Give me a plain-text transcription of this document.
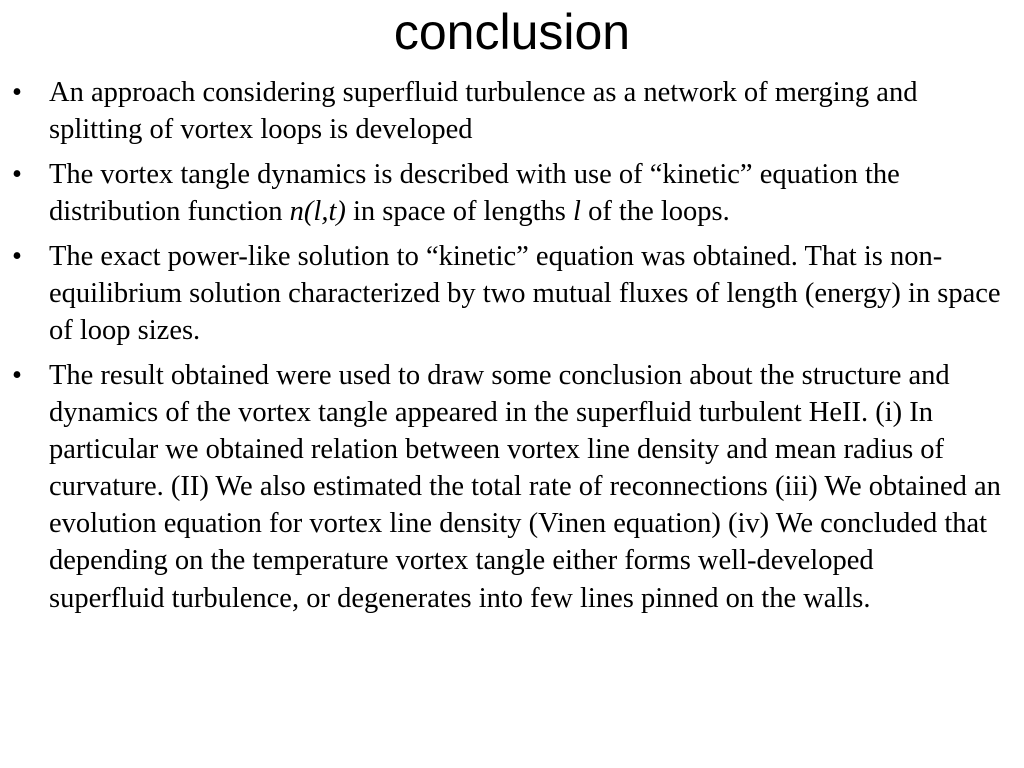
conclusion
• An approach considering superfluid turbulence as a network of merging and splitting of vortex loops is developed
• The vortex tangle dynamics is described with use of “kinetic” equation the distribution function n(l,t) in space of lengths l of the loops.
• The exact power-like solution to “kinetic” equation was obtained. That is non-equilibrium solution characterized by two mutual fluxes of length (energy) in space of loop sizes.
• The result obtained were used to draw some conclusion about the structure and dynamics of the vortex tangle appeared in the superfluid turbulent HeII. (i) In particular we obtained relation between vortex line density and mean radius of curvature. (II) We also estimated the total rate of reconnections (iii) We obtained an evolution equation for vortex line density (Vinen equation) (iv) We concluded that depending on the temperature vortex tangle either forms well-developed
superfluid turbulence, or degenerates into few lines pinned on the walls.
